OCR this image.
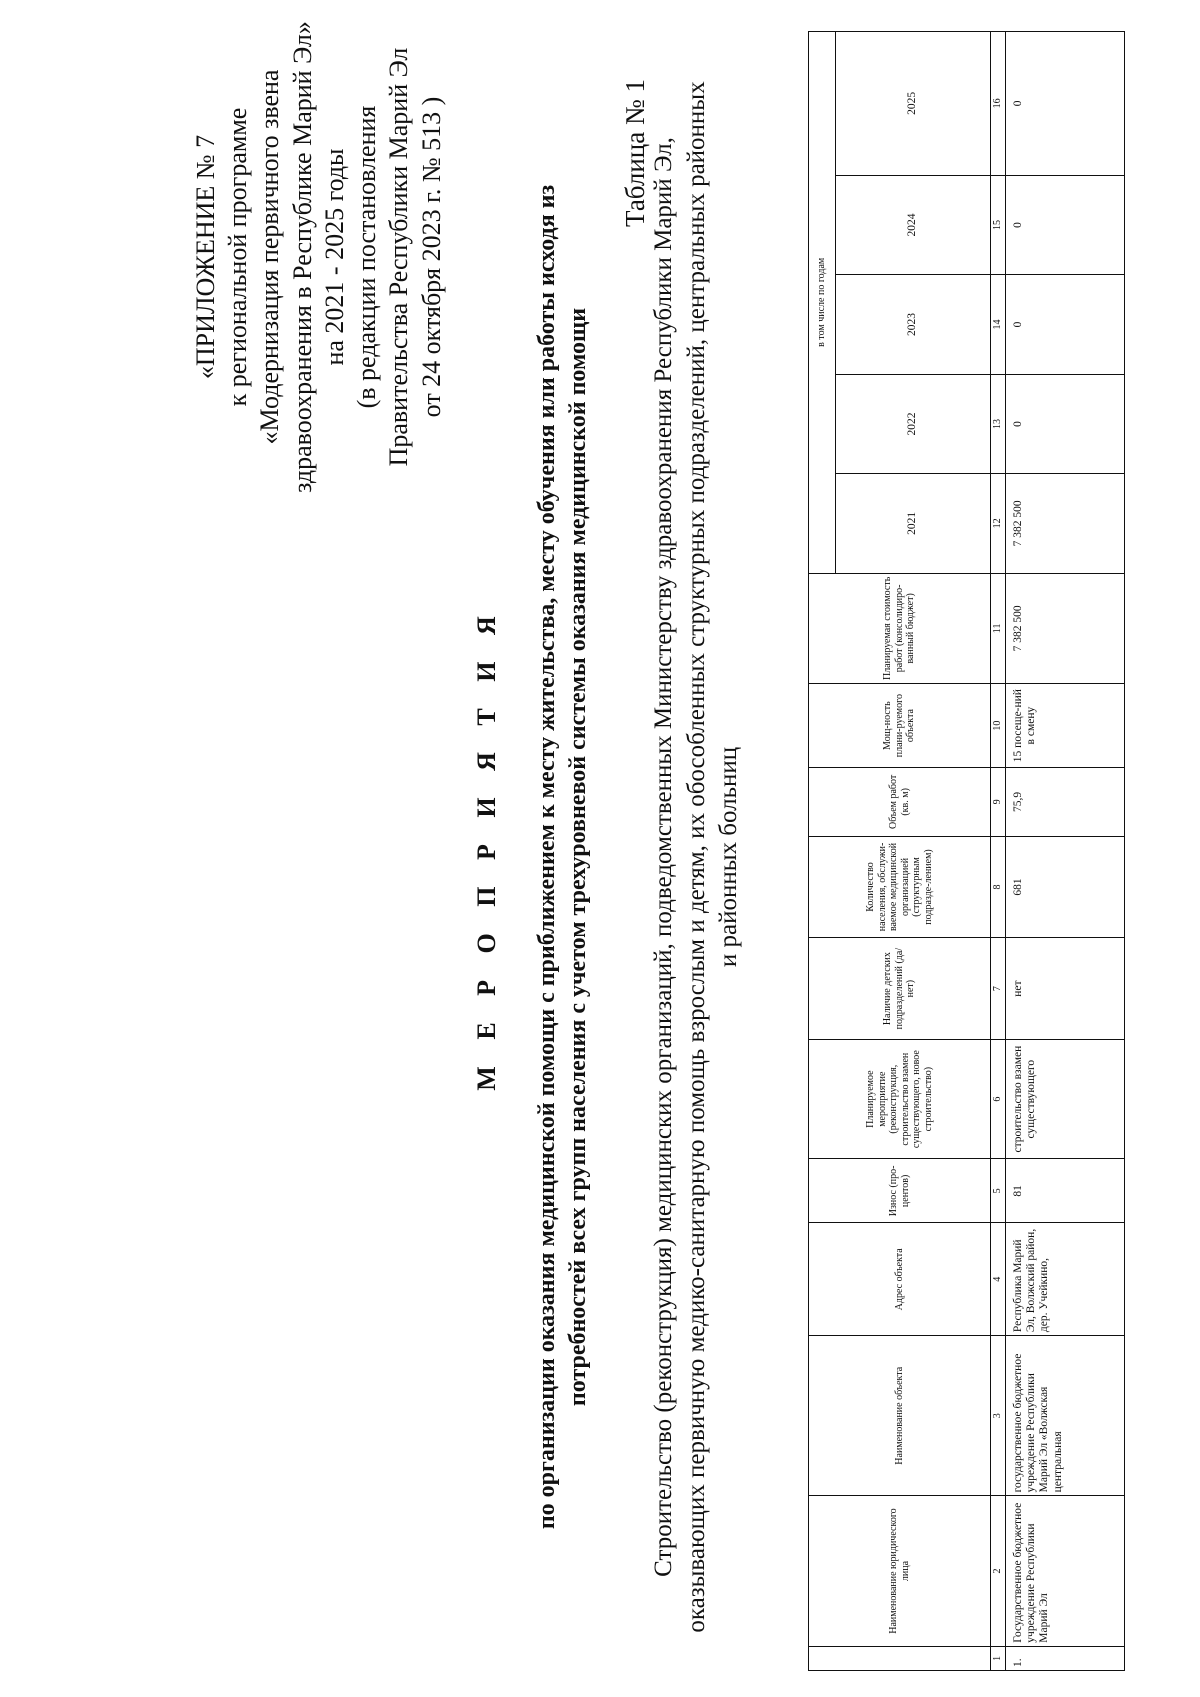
«ПРИЛОЖЕНИЕ № 7 к региональной программе «Модернизация первичного звена здравоохранения в Республике Марий Эл» на 2021 - 2025 годы (в редакции постановления Правительства Республики Марий Эл от 24 октября 2023 г. № 513 )	Таблица № 1
М Е Р О П Р И Я Т И Я по организации оказания медицинской помощи с приближением к месту жительства, месту обучения или работы исходя из потребностей всех групп населения с учетом трехуровневой системы оказания медицинской помощи Строительство (реконструкция) медицинских организаций, подведомственных Министерству здравоохранения Республики Марий Эл, оказывающих первичную медико-санитарную помощь взрослым и детям, их обособленных структурных подразделений, центральных районных и районных больниц
	Наименование юридического лица	Наименование объекта	Адрес объекта	Износ (про-центов)	Планируемое мероприятие (реконструкция, строительство взамен существующего, новое строительство)	Наличие детских подразделений (да/нет)	Количество населения, обслужи-ваемое медицинской организацией (структурным подразде-лением)	Объем работ (кв. м)	Мощ-ность плани-руемого объекта	Планируемая стоимость работ (консолидиро-ванный бюджет)	в том числе по годам				
											2021	2022	2023	2024	2025
1	2	3	4	5	6	7	8	9	10	11	12	13	14	15	16
1.	Государственное бюджетное учреждение Республики Марий Эл	государственное бюджетное учреждение Республики Марий Эл «Волжская центральная	Республика Марий Эл, Волжский район, дер. Учейкино,	81	строительство взамен существующего	нет	681	75,9	15 посеще-ний в смену	7 382 500	7 382 500	0	0	0	0
